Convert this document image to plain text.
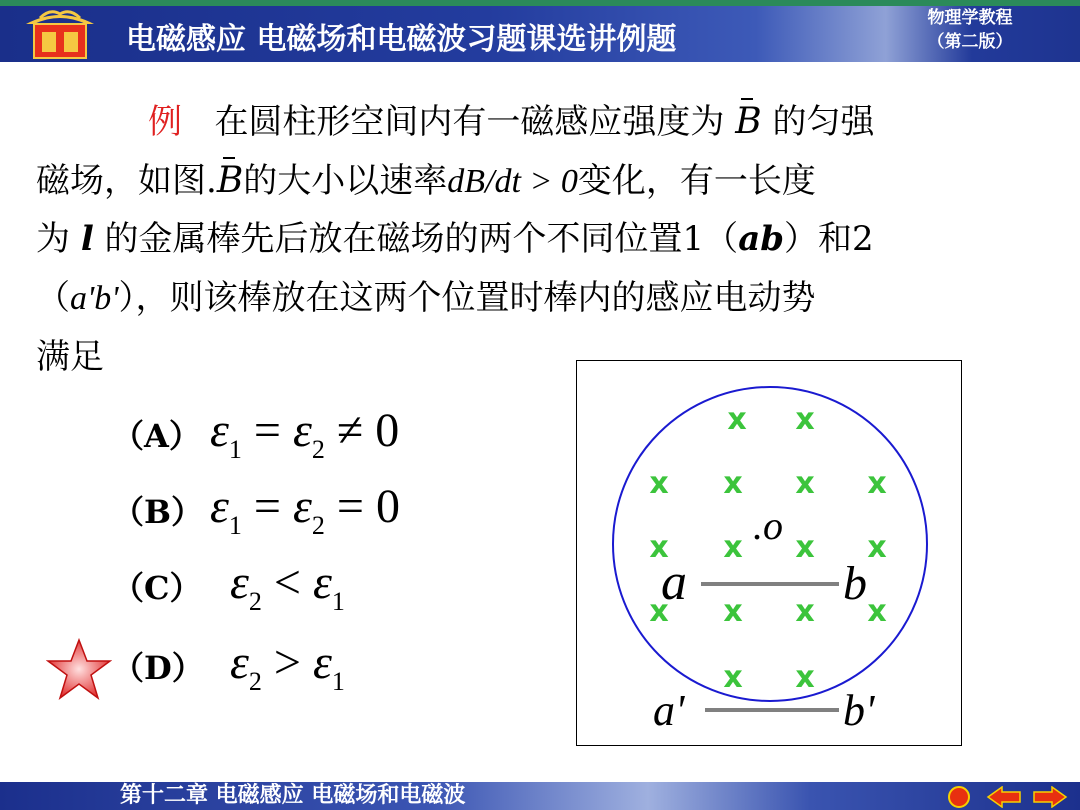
电磁感应 电磁场和电磁波习题课选讲例题
物理学教程
（第二版）
例 在圆柱形空间内有一磁感应强度为 B 的匀强
磁场，如图.B的大小以速率dB/dt > 0变化，有一长度
为 l 的金属棒先后放在磁场的两个不同位置1（ab）和2
（a'b'），则该棒放在这两个位置时棒内的感应电动势
满足
（A） $\varepsilon_1 = \varepsilon_2 \ne 0$
（B） $\varepsilon_1 = \varepsilon_2 = 0$
（C） $\varepsilon_2 < \varepsilon_1$
（D） $\varepsilon_2 > \varepsilon_1$
x x
x x x x
x x x x
x x x x
x x
.o
a	b
a'	b'
第十二章 电磁感应 电磁场和电磁波
